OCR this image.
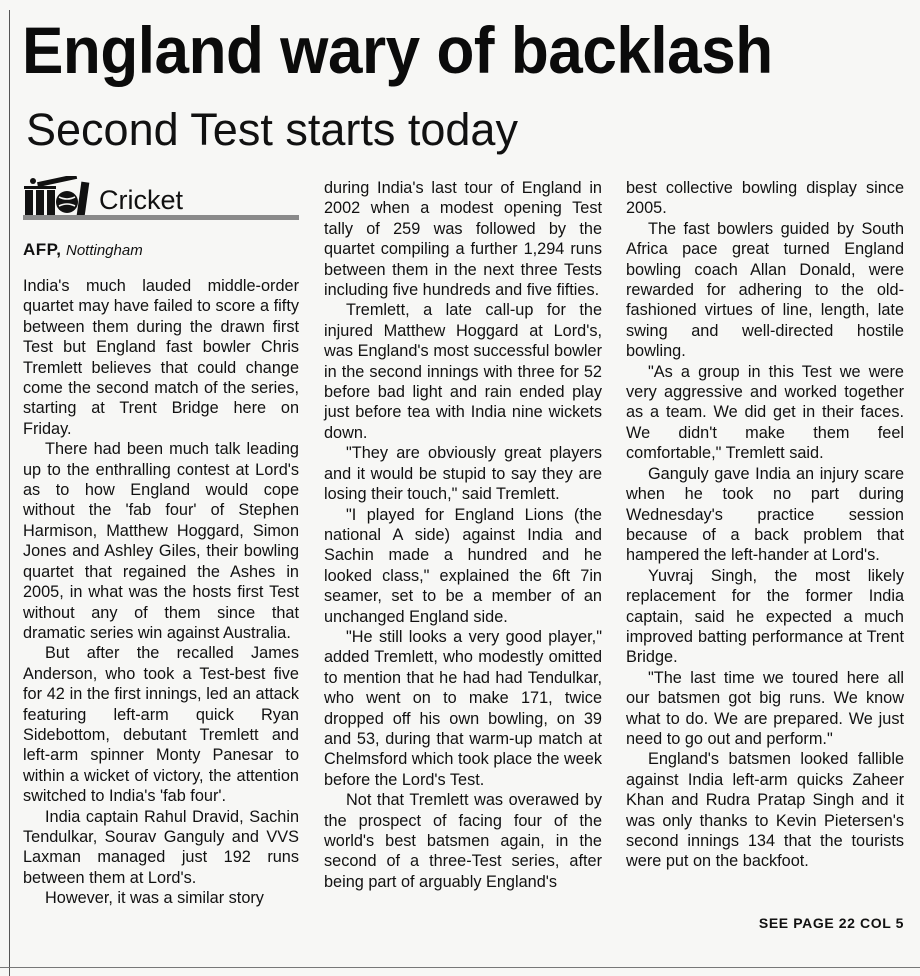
England wary of backlash
Second Test starts today
Cricket
AFP, Nottingham

India's much lauded middle-order quartet may have failed to score a fifty between them during the drawn first Test but England fast bowler Chris Tremlett believes that could change come the second match of the series, starting at Trent Bridge here on Friday.

There had been much talk leading up to the enthralling contest at Lord's as to how England would cope without the 'fab four' of Stephen Harmison, Matthew Hoggard, Simon Jones and Ashley Giles, their bowling quartet that regained the Ashes in 2005, in what was the hosts first Test without any of them since that dramatic series win against Australia.

But after the recalled James Anderson, who took a Test-best five for 42 in the first innings, led an attack featuring left-arm quick Ryan Sidebottom, debutant Tremlett and left-arm spinner Monty Panesar to within a wicket of victory, the attention switched to India's 'fab four'.

India captain Rahul Dravid, Sachin Tendulkar, Sourav Ganguly and VVS Laxman managed just 192 runs between them at Lord's.

However, it was a similar story

during India's last tour of England in 2002 when a modest opening Test tally of 259 was followed by the quartet compiling a further 1,294 runs between them in the next three Tests including five hundreds and five fifties.

Tremlett, a late call-up for the injured Matthew Hoggard at Lord's, was England's most successful bowler in the second innings with three for 52 before bad light and rain ended play just before tea with India nine wickets down.

"They are obviously great players and it would be stupid to say they are losing their touch," said Tremlett.

"I played for England Lions (the national A side) against India and Sachin made a hundred and he looked class," explained the 6ft 7in seamer, set to be a member of an unchanged England side.

"He still looks a very good player," added Tremlett, who modestly omitted to mention that he had had Tendulkar, who went on to make 171, twice dropped off his own bowling, on 39 and 53, during that warm-up match at Chelmsford which took place the week before the Lord's Test.

Not that Tremlett was overawed by the prospect of facing four of the world's best batsmen again, in the second of a three-Test series, after being part of arguably England's

best collective bowling display since 2005.

The fast bowlers guided by South Africa pace great turned England bowling coach Allan Donald, were rewarded for adhering to the old-fashioned virtues of line, length, late swing and well-directed hostile bowling.

"As a group in this Test we were very aggressive and worked together as a team. We did get in their faces. We didn't make them feel comfortable," Tremlett said.

Ganguly gave India an injury scare when he took no part during Wednesday's practice session because of a back problem that hampered the left-hander at Lord's.

Yuvraj Singh, the most likely replacement for the former India captain, said he expected a much improved batting performance at Trent Bridge.

"The last time we toured here all our batsmen got big runs. We know what to do. We are prepared. We just need to go out and perform."

England's batsmen looked fallible against India left-arm quicks Zaheer Khan and Rudra Pratap Singh and it was only thanks to Kevin Pietersen's second innings 134 that the tourists were put on the backfoot.

SEE PAGE 22 COL 5
